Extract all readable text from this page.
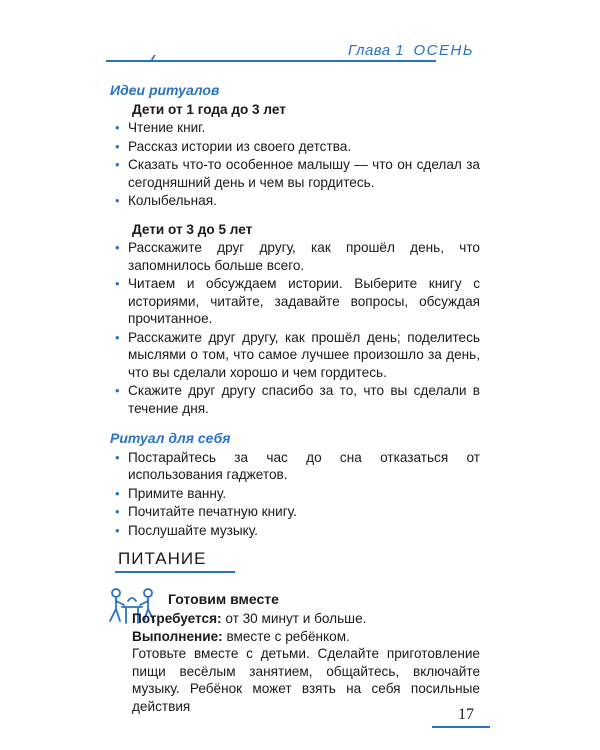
Глава 1 ОСЕНЬ
Идеи ритуалов
Дети от 1 года до 3 лет
• Чтение книг.
• Рассказ истории из своего детства.
• Сказать что-то особенное малышу — что он сделал за сегодняшний день и чем вы гордитесь.
• Колыбельная.
Дети от 3 до 5 лет
• Расскажите друг другу, как прошёл день, что запомнилось больше всего.
• Читаем и обсуждаем истории. Выберите книгу с историями, читайте, задавайте вопросы, обсуждая прочитанное.
• Расскажите друг другу, как прошёл день; поделитесь мыслями о том, что самое лучшее произошло за день, что вы сделали хорошо и чем гордитесь.
• Скажите друг другу спасибо за то, что вы сделали в течение дня.
Ритуал для себя
• Постарайтесь за час до сна отказаться от использования гаджетов.
• Примите ванну.
• Почитайте печатную книгу.
• Послушайте музыку.
ПИТАНИЕ
Готовим вместе

Потребуется: от 30 минут и больше.

Выполнение: вместе с ребёнком.

Готовьте вместе с детьми. Сделайте приготовление пищи весёлым занятием, общайтесь, включайте музыку. Ребёнок может взять на себя посильные действия	17
